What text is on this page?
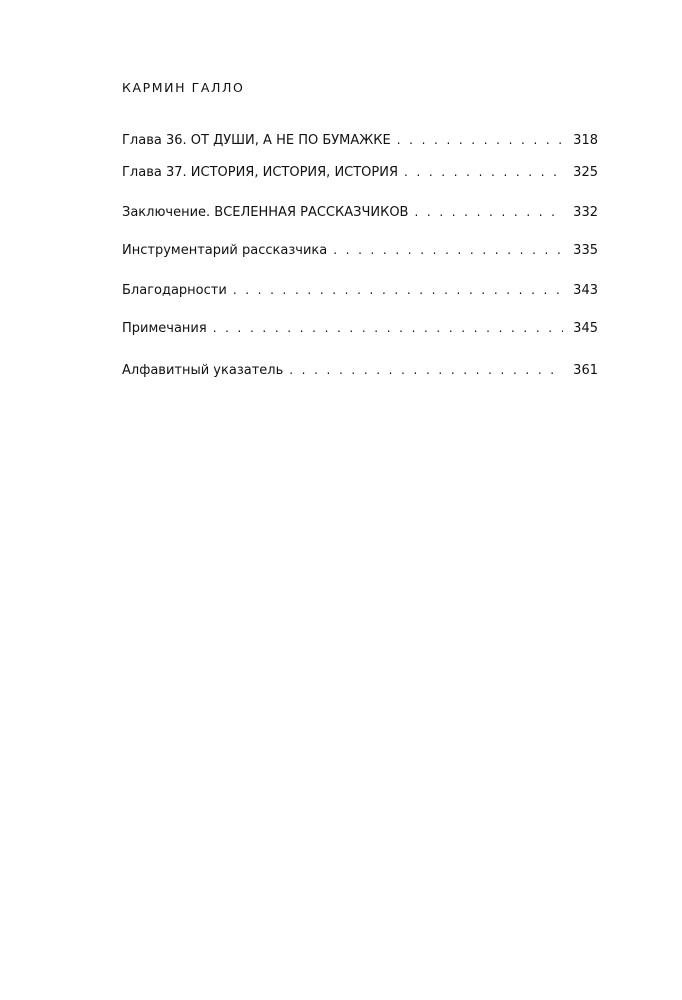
КАРМИН ГАЛЛО
Глава 36. ОТ ДУШИ, А НЕ ПО БУМАЖКЕ . . .	318
Глава 37. ИСТОРИЯ, ИСТОРИЯ, ИСТОРИЯ . . .	325
Заключение. ВСЕЛЕННАЯ РАССКАЗЧИКОВ . . .	332
Инструментарий рассказчика . . .	335
Благодарности . . .	343
Примечания . . .	345
Алфавитный указатель . . .	361
